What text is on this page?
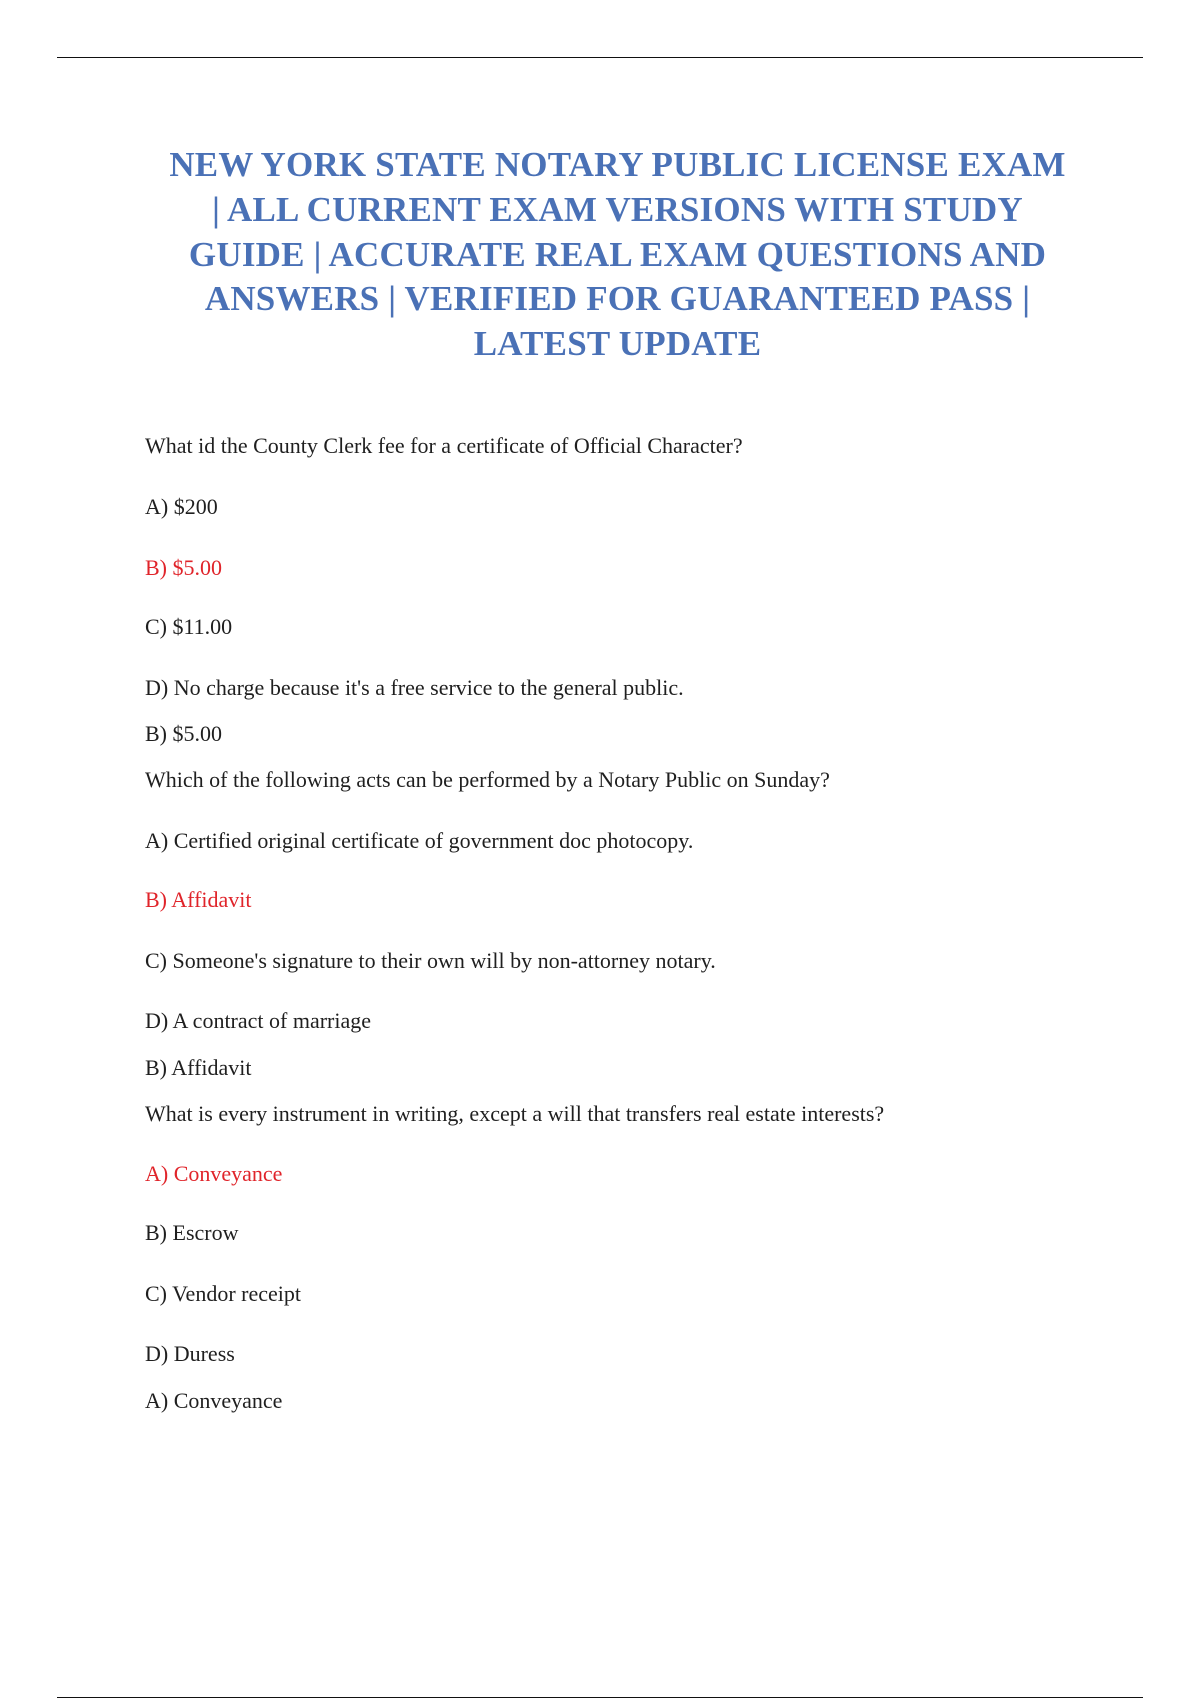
NEW YORK STATE NOTARY PUBLIC LICENSE EXAM
| ALL CURRENT EXAM VERSIONS WITH STUDY
GUIDE | ACCURATE REAL EXAM QUESTIONS AND
ANSWERS | VERIFIED FOR GUARANTEED PASS |
LATEST UPDATE
What id the County Clerk fee for a certificate of Official Character?
A) $200
B) $5.00
C) $11.00
D) No charge because it's a free service to the general public.
B) $5.00
Which of the following acts can be performed by a Notary Public on Sunday?
A) Certified original certificate of government doc photocopy.
B) Affidavit
C) Someone's signature to their own will by non-attorney notary.
D) A contract of marriage
B) Affidavit
What is every instrument in writing, except a will that transfers real estate interests?
A) Conveyance
B) Escrow
C) Vendor receipt
D) Duress
A) Conveyance
